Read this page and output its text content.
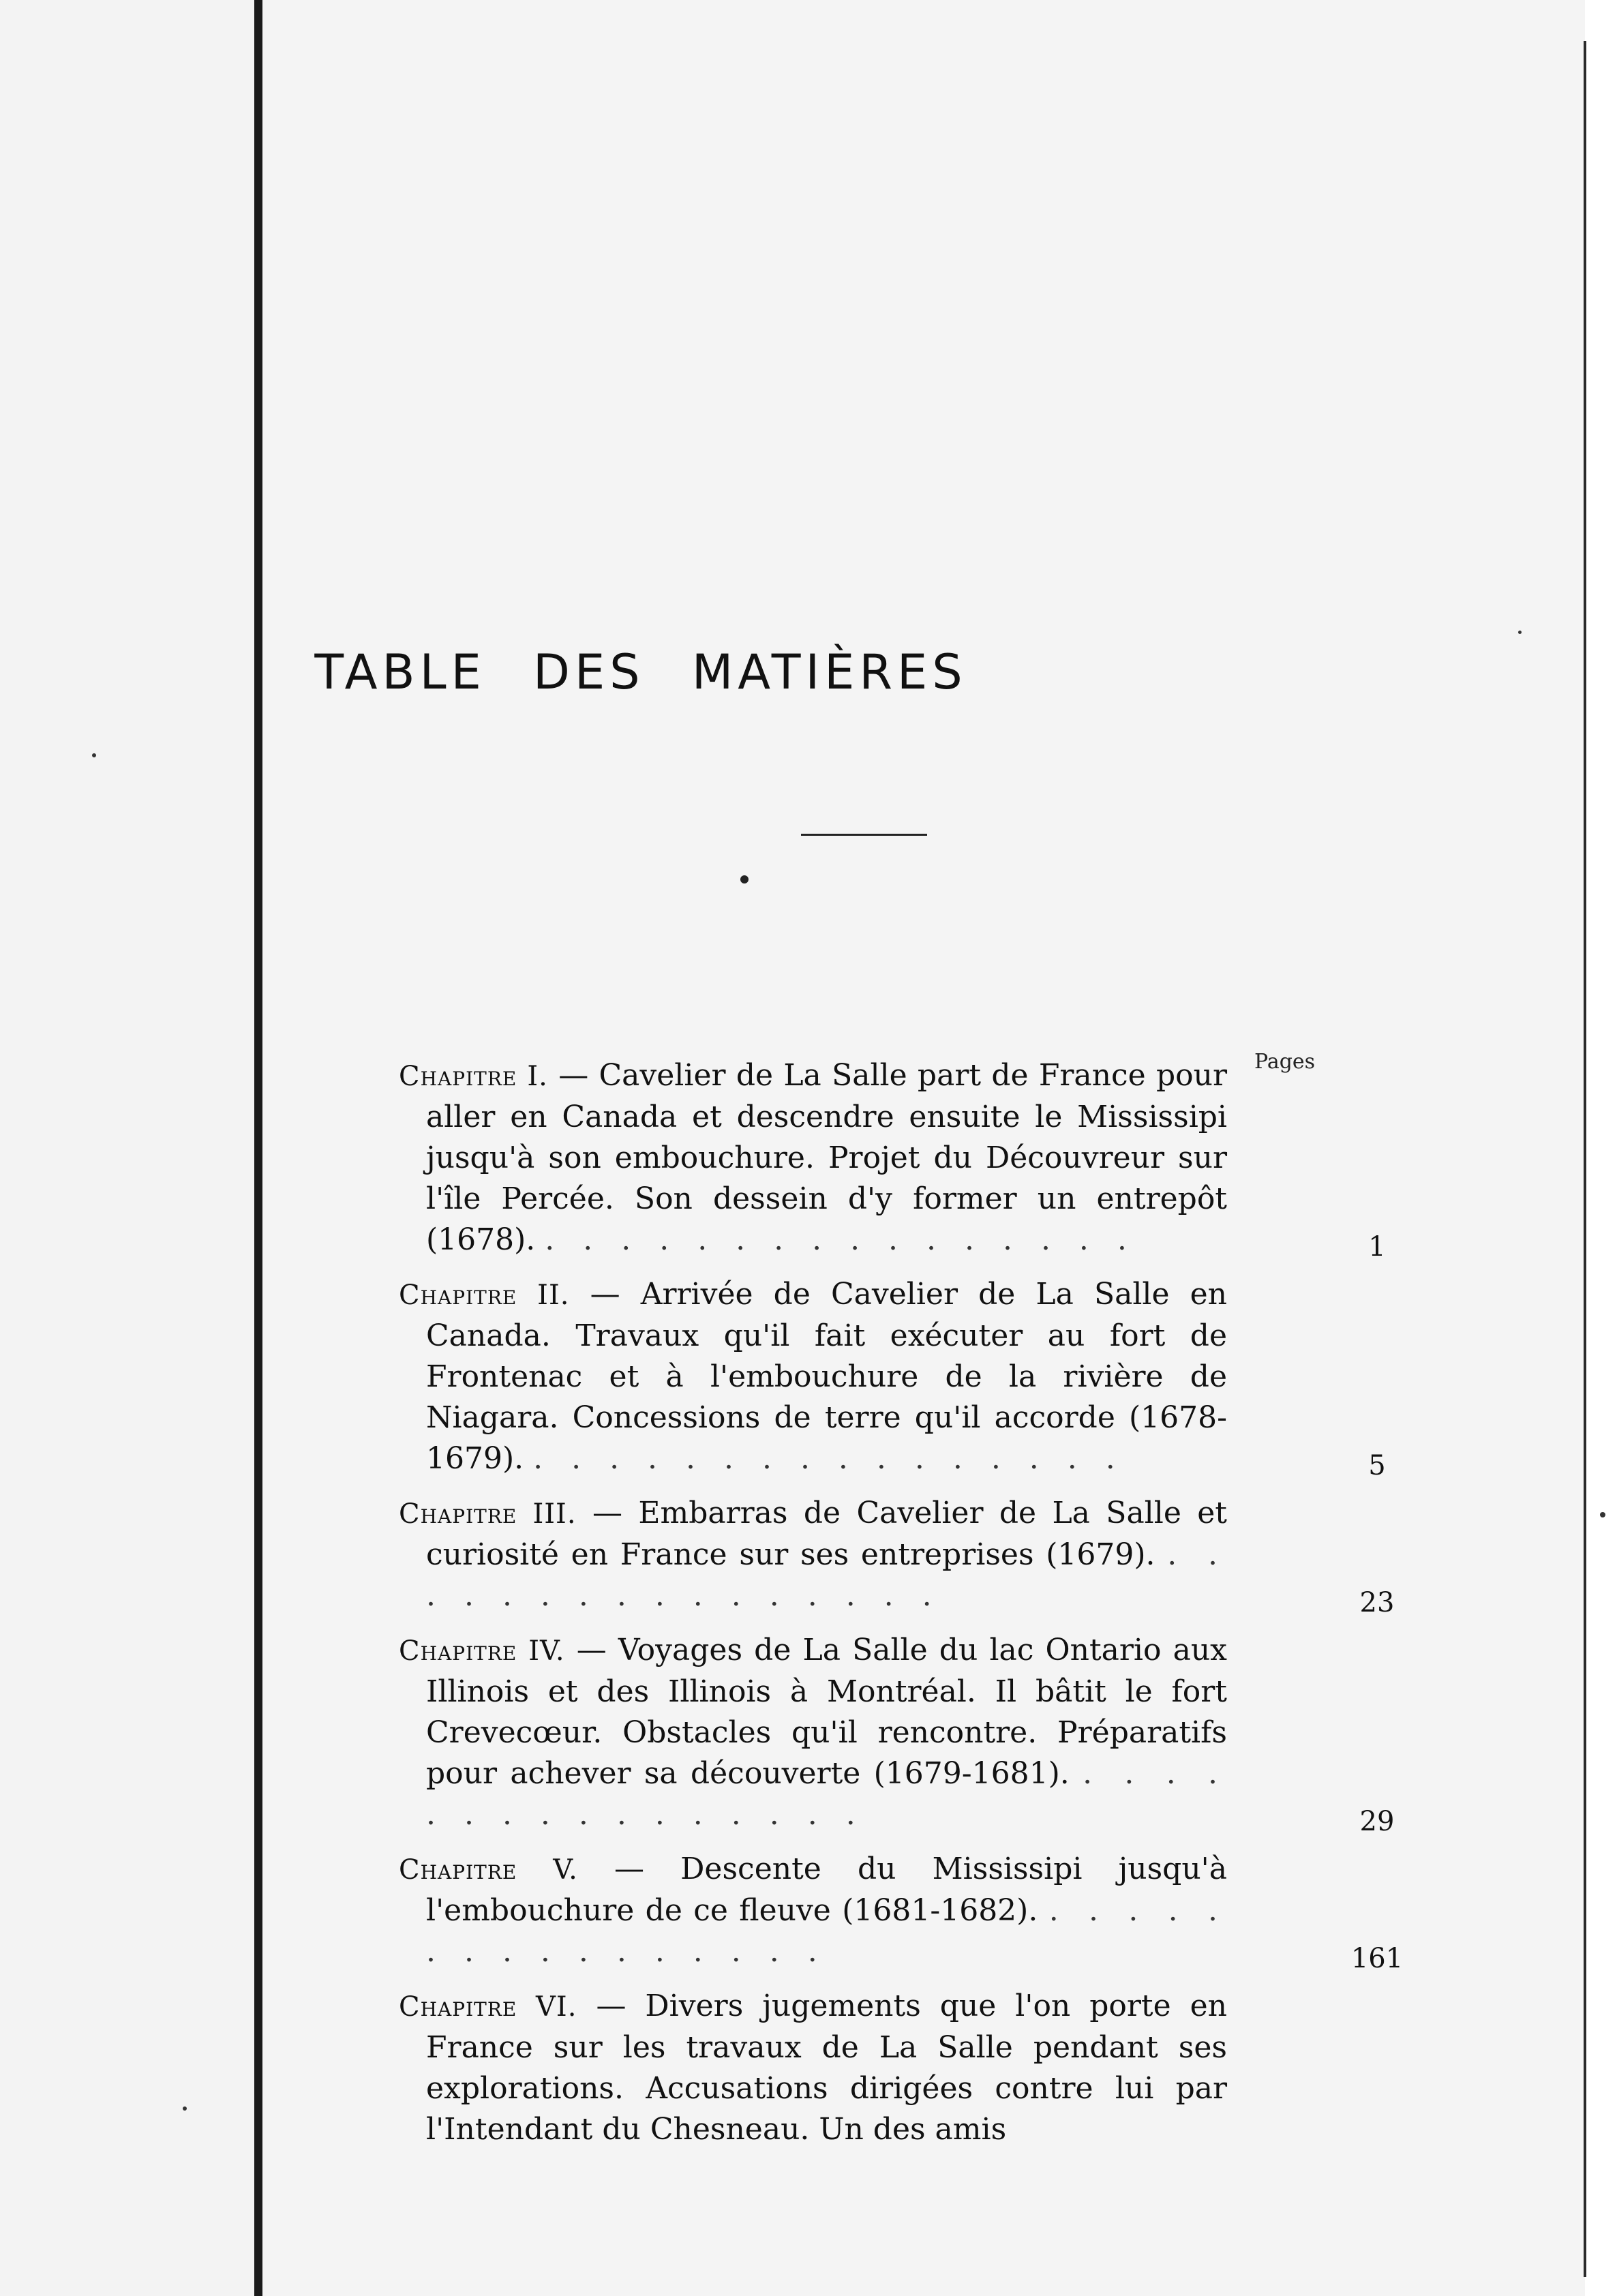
TABLE DES MATIÈRES
Pages
Chapitre I. — Cavelier de La Salle part de France pour aller en Canada et descendre ensuite le Mississipi jusqu'à son embouchure. Projet du Découvreur sur l'île Percée. Son dessein d'y former un entrepôt (1678). . . . . . . . . . . . . . . . .	1
Chapitre II. — Arrivée de Cavelier de La Salle en Canada. Travaux qu'il fait exécuter au fort de Frontenac et à l'embouchure de la rivière de Niagara. Concessions de terre qu'il accorde (1678-1679). . . . . . . . . . . . . . . . .	5
Chapitre III. — Embarras de Cavelier de La Salle et curiosité en France sur ses entreprises (1679). . . . . . . . . . . . . . . . .	23
Chapitre IV. — Voyages de La Salle du lac Ontario aux Illinois et des Illinois à Montréal. Il bâtit le fort Crevecœur. Obstacles qu'il rencontre. Préparatifs pour achever sa découverte (1679-1681). . . . . . . . . . . . . . . . .	29
Chapitre V. — Descente du Mississipi jusqu'à l'embouchure de ce fleuve (1681-1682). . . . . . . . . . . . . . . . .	161
Chapitre VI. — Divers jugements que l'on porte en France sur les travaux de La Salle pendant ses explorations. Accusations dirigées contre lui par l'Intendant du Chesneau. Un des amis
